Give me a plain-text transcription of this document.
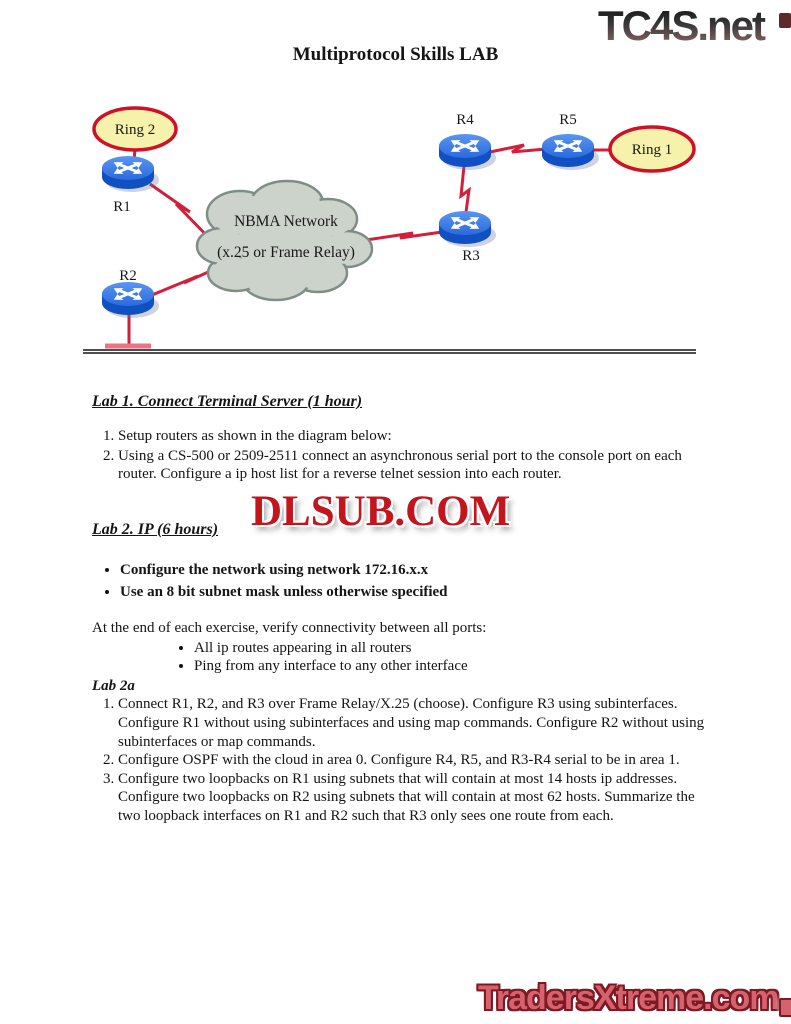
TC4S.net
Multiprotocol Skills LAB
NBMA Network
(x.25 or Frame Relay)
Ring 2
Ring 1
R1
R2
R3
R4	R5
Lab 1. Connect Terminal Server (1 hour)
1. Setup routers as shown in the diagram below:
2. Using a CS-500 or 2509-2511 connect an asynchronous serial port to the console port on each router. Configure a ip host list for a reverse telnet session into each router.
Lab 2. IP (6 hours)
• Configure the network using network 172.16.x.x
• Use an 8 bit subnet mask unless otherwise specified

At the end of each exercise, verify connectivity between all ports:

• All ip routes appearing in all routers
• Ping from any interface to any other interface
Lab 2a
1. Connect R1, R2, and R3 over Frame Relay/X.25 (choose). Configure R3 using subinterfaces. Configure R1 without using subinterfaces and using map commands. Configure R2 without using subinterfaces or map commands.
2. Configure OSPF with the cloud in area 0. Configure R4, R5, and R3-R4 serial to be in area 1.
3. Configure two loopbacks on R1 using subnets that will contain at most 14 hosts ip addresses. Configure two loopbacks on R2 using subnets that will contain at most 62 hosts. Summarize the two loopback interfaces on R1 and R2 such that R3 only sees one route from each.
DLSUB.COM
TradersXtreme.com
